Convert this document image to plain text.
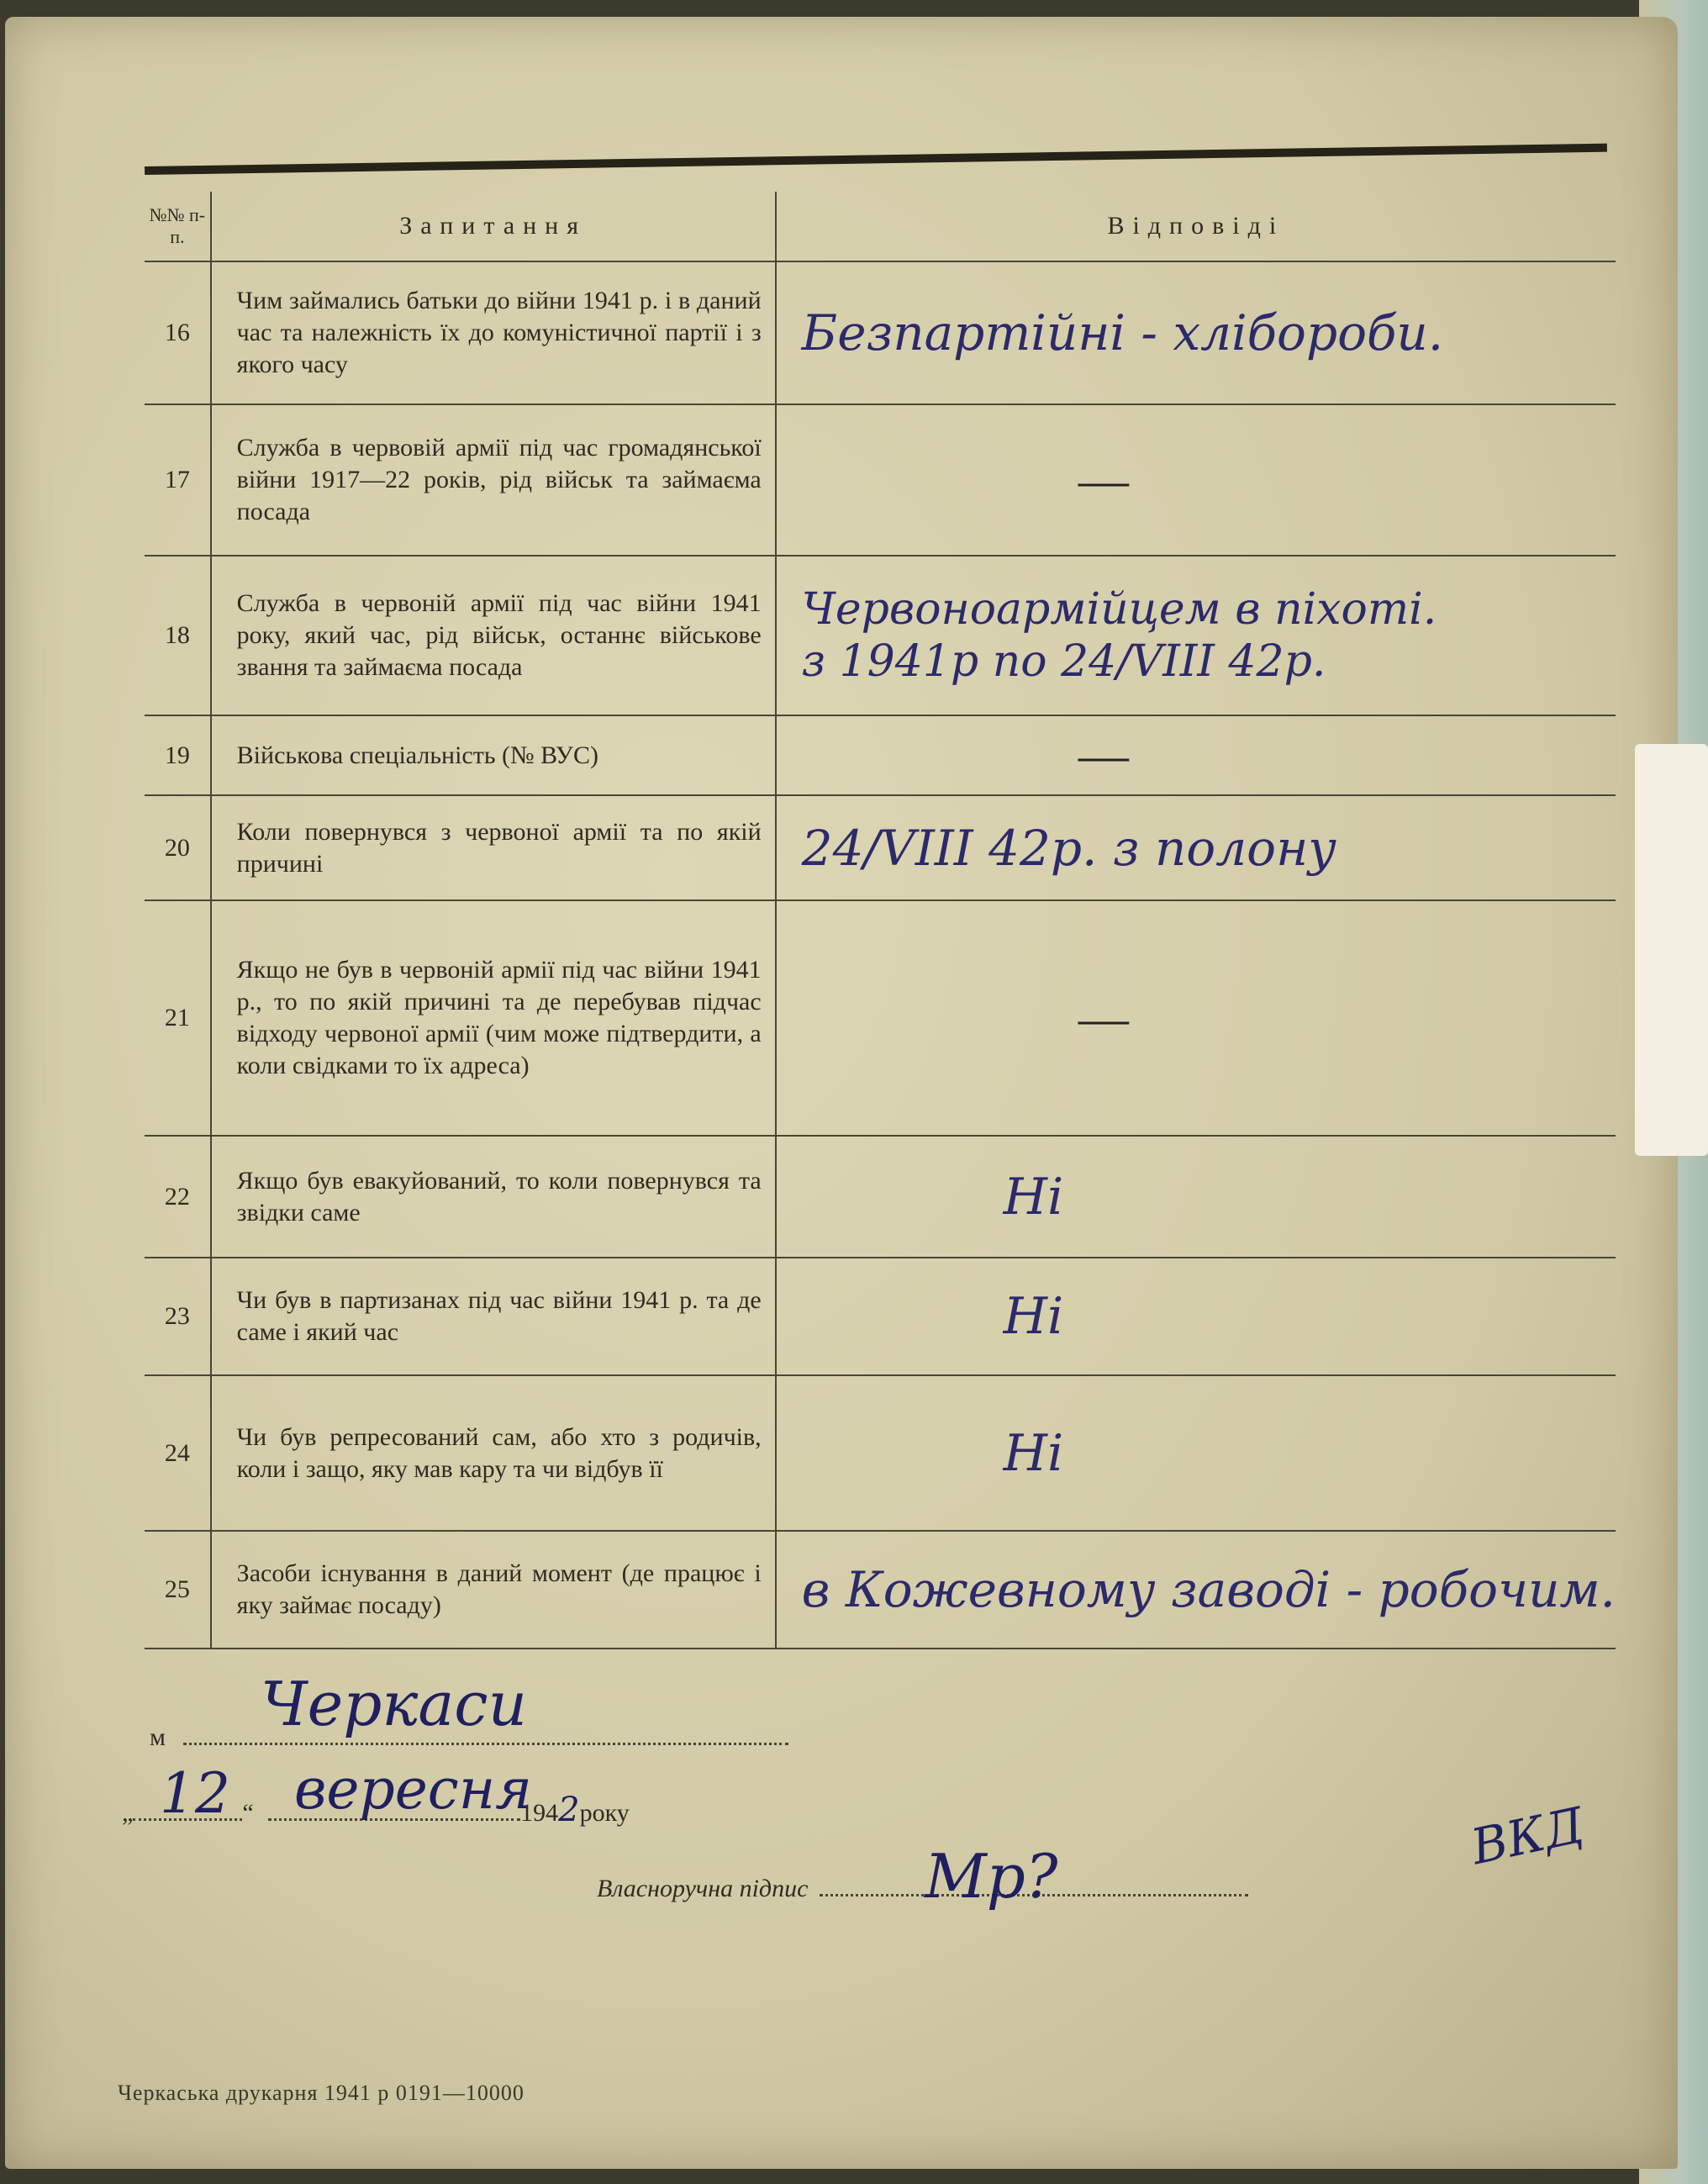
№№ п-п.	Запитання	Відповіді
16	Чим займались батьки до війни 1941 р. і в даний час та належність їх до комуністичної партії і з якого часу	Безпартійні - хлібороби.
17	Служба в червовій армії під час громадянської війни 1917—22 років, рід військ та займаєма посада	—

18	Служба в червоній армії під час війни 1941 року, який час, рід військ, останнє військове звання та займаєма посада	Червоноармійцем в піхоті.
з 1941р по 24/VIII 42р.

19	Військова спеціальність (№ ВУС)	—

20	Коли повернувся з червоної армії та по якій причині	24/VIII 42р. з полону
21	Якщо не був в червоній армії під час війни 1941 р., то по якій причині та де перебував підчас відходу червоної армії (чим може підтвердити, а коли свідками то їх адреса)	—

22	Якщо був евакуйований, то коли повернувся та звідки саме	Ні

23	Чи був в партизанах під час війни 1941 р. та де саме і який час	Ні

24	Чи був репресований сам, або хто з родичів, коли і защо, яку мав кару та чи відбув її	Ні

25	Засоби існування в даний момент (де працює і яку займає посаду)	в Кожевному заводі - робочим.
м	Черкаси
„	“	1942року
12 вересня
Власноручна підпис	Мр?
ВКД
Черкаська друкарня 1941 р 0191—10000
